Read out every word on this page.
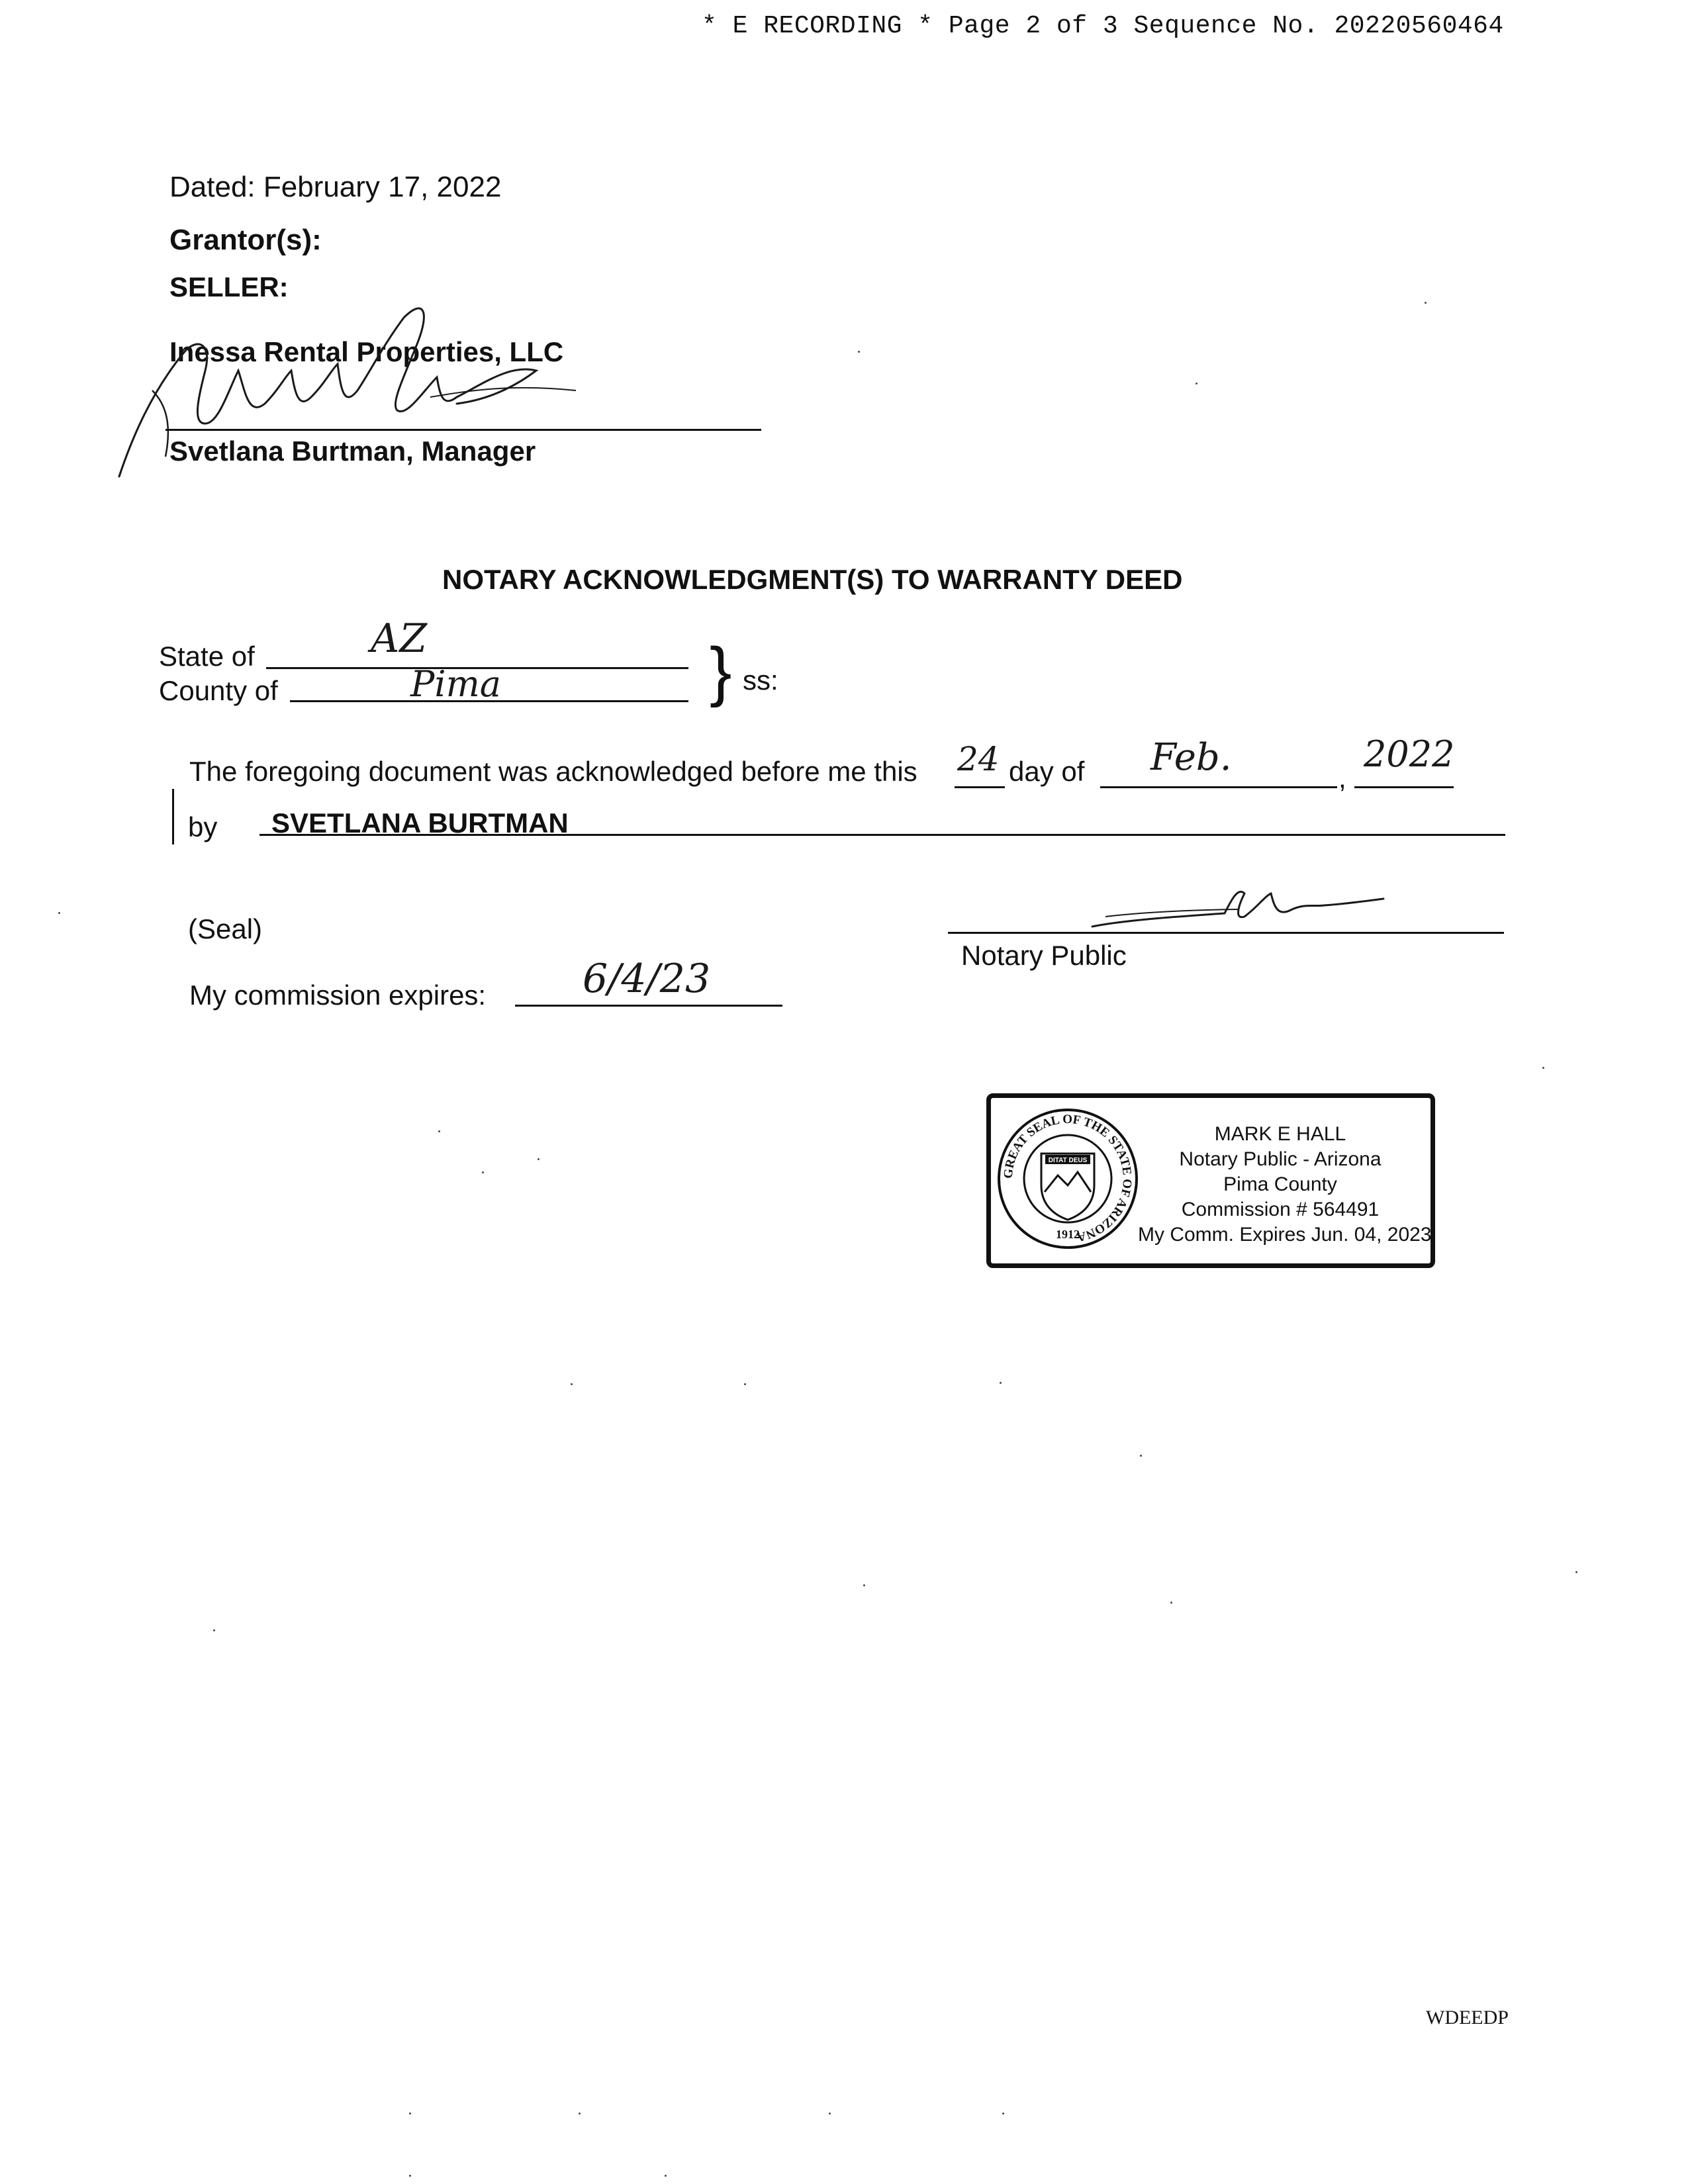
* E RECORDING * Page 2 of 3 Sequence No. 20220560464
Dated: February 17, 2022
Grantor(s):
SELLER:
Inessa Rental Properties, LLC
Svetlana Burtman, Manager
NOTARY ACKNOWLEDGMENT(S) TO WARRANTY DEED
State of	AZ
County of	Pima	} ss:
The foregoing document was acknowledged before me this 24 day of Feb.	,
2022
by SVETLANA BURTMAN
(Seal)
Notary Public
My commission expires: 6/4/23
GREAT SEAL OF THE STATE OF ARIZONA
DITAT DEUS
1912
MARK E HALL
Notary Public - Arizona
Pima County
Commission # 564491
My Comm. Expires Jun. 04, 2023
WDEEDP
